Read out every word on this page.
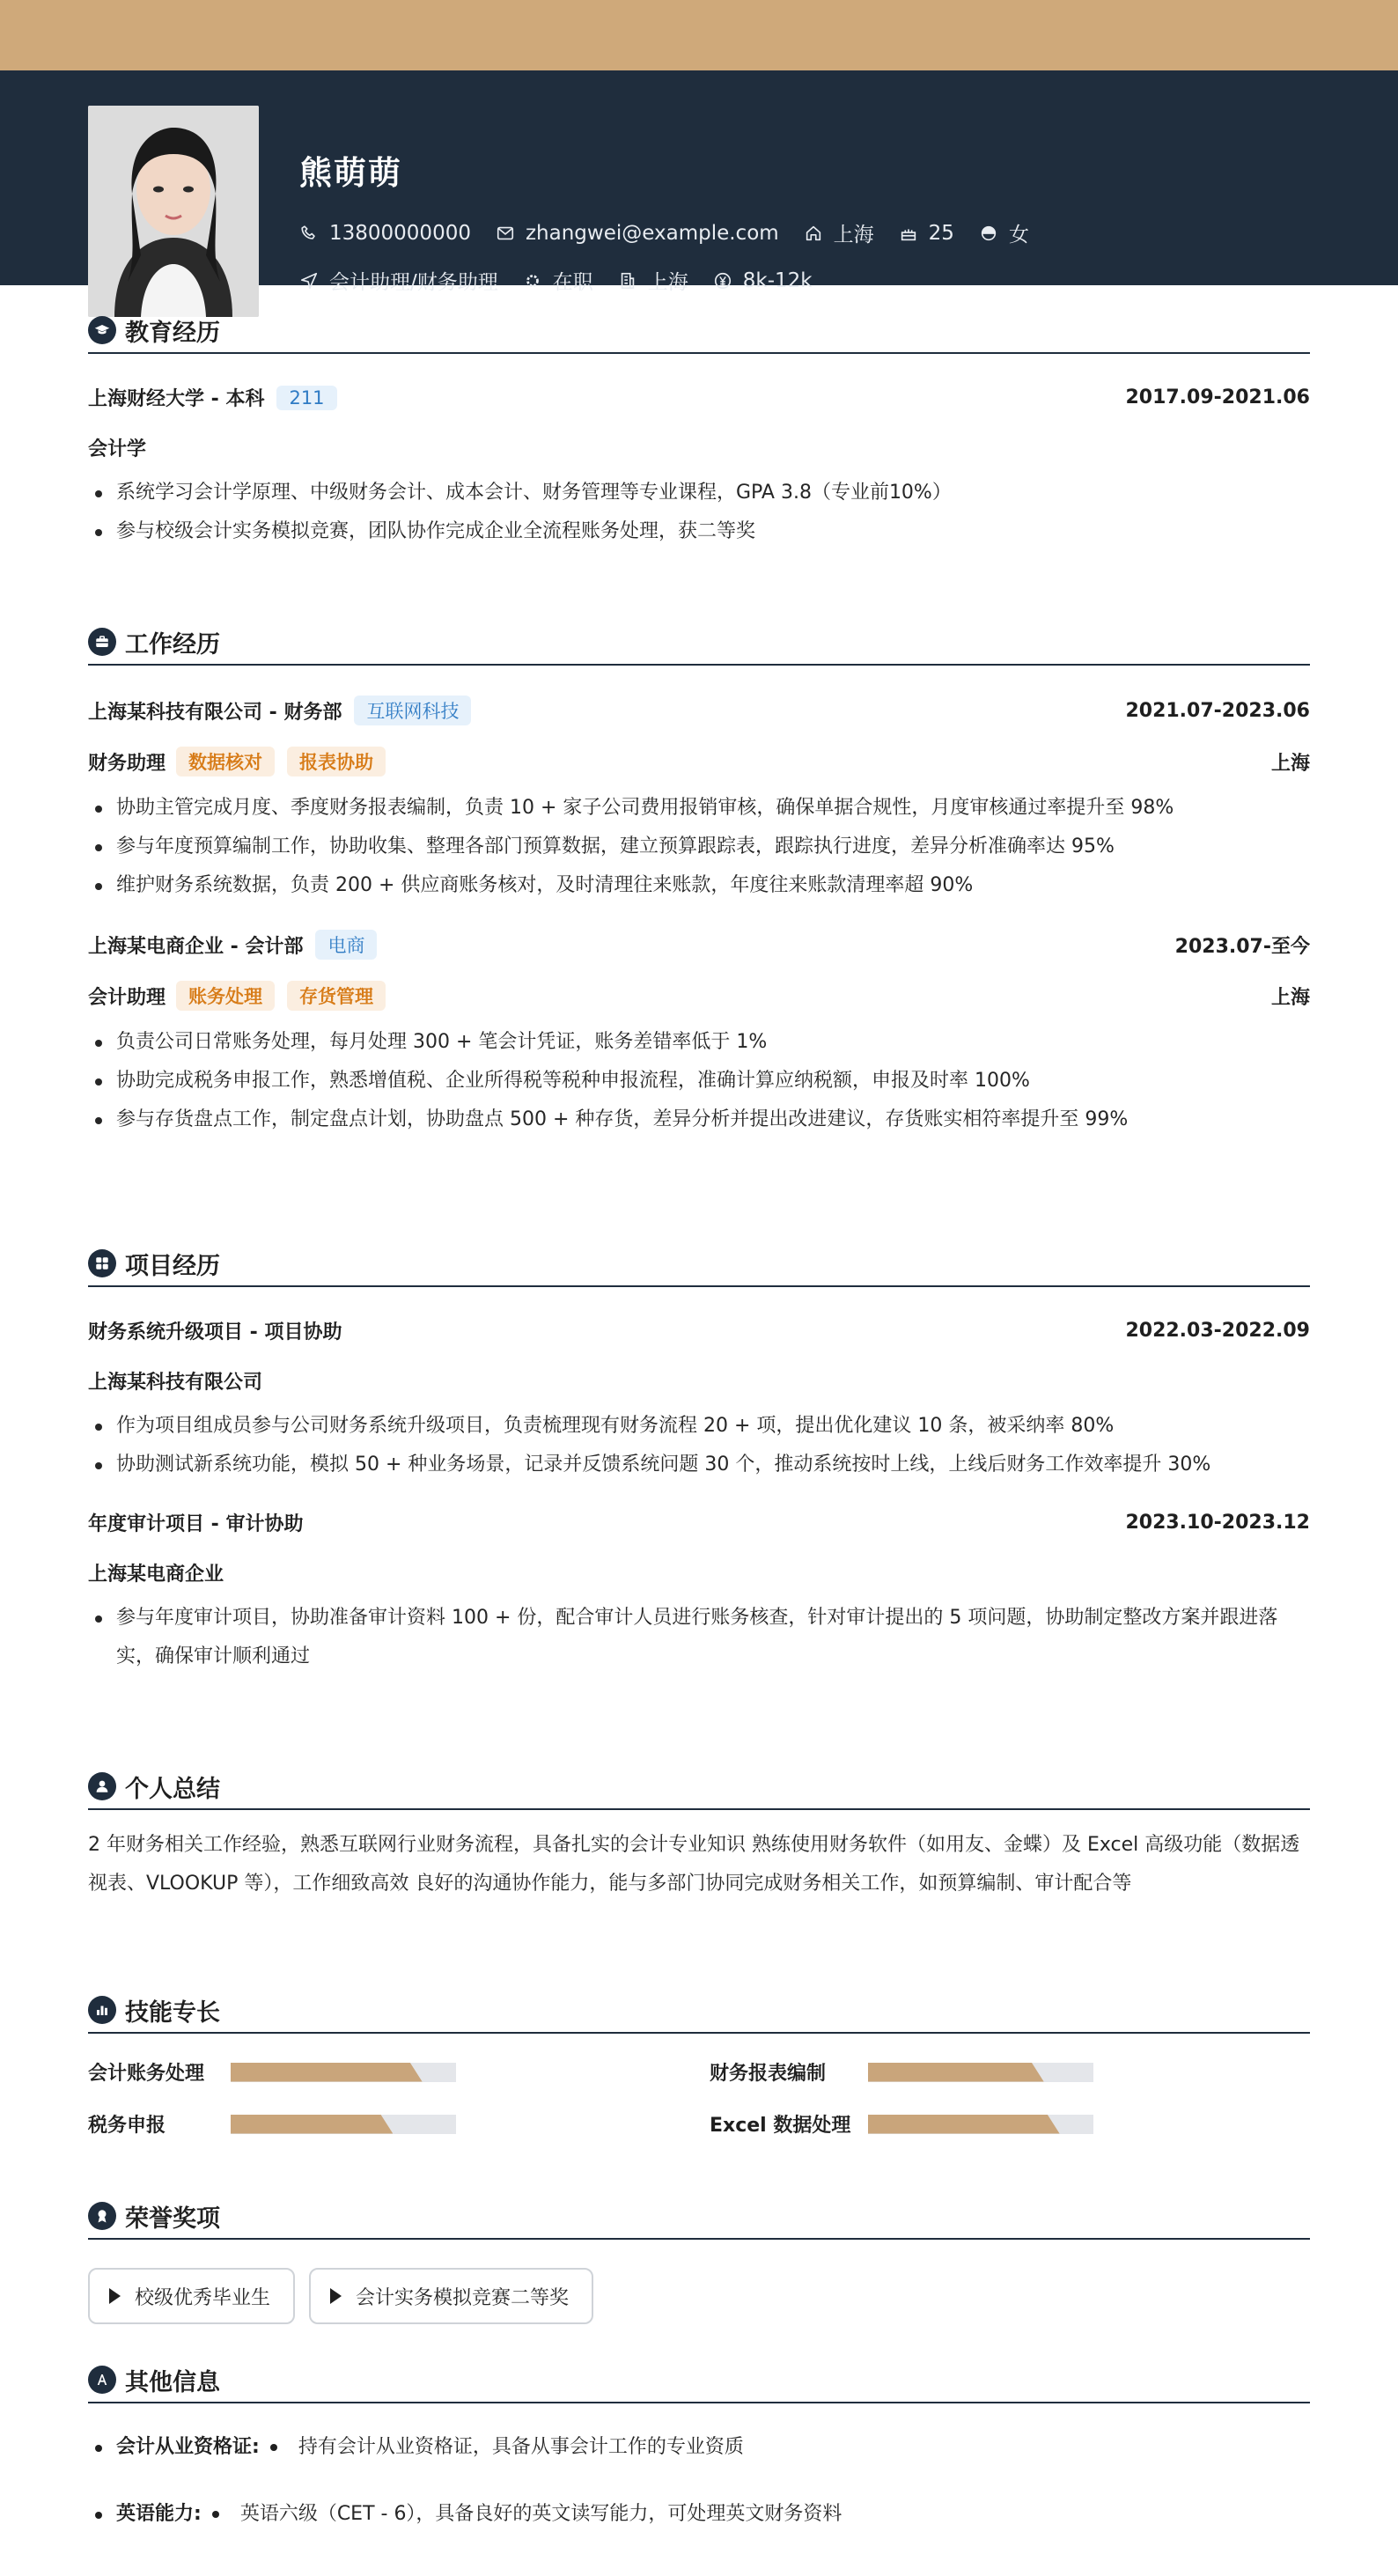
熊萌萌
13800000000	zhangwei@example.com	上海	25	女
会计助理/财务助理	在职	上海	8k-12k
教育经历
上海财经大学 - 本科	211	2017.09-2021.06
会计学
系统学习会计学原理、中级财务会计、成本会计、财务管理等专业课程，GPA 3.8（专业前10%）
参与校级会计实务模拟竞赛，团队协作完成企业全流程账务处理，获二等奖
工作经历
上海某科技有限公司 - 财务部	互联网科技	2021.07-2023.06
财务助理	数据核对	报表协助	上海
协助主管完成月度、季度财务报表编制，负责 10 + 家子公司费用报销审核，确保单据合规性，月度审核通过率提升至 98%
参与年度预算编制工作，协助收集、整理各部门预算数据，建立预算跟踪表，跟踪执行进度，差异分析准确率达 95%
维护财务系统数据，负责 200 + 供应商账务核对，及时清理往来账款，年度往来账款清理率超 90%
上海某电商企业 - 会计部	电商	2023.07-至今
会计助理	账务处理	存货管理	上海
负责公司日常账务处理，每月处理 300 + 笔会计凭证，账务差错率低于 1%
协助完成税务申报工作，熟悉增值税、企业所得税等税种申报流程，准确计算应纳税额，申报及时率 100%
参与存货盘点工作，制定盘点计划，协助盘点 500 + 种存货，差异分析并提出改进建议，存货账实相符率提升至 99%
项目经历
财务系统升级项目 - 项目协助	2022.03-2022.09
上海某科技有限公司
作为项目组成员参与公司财务系统升级项目，负责梳理现有财务流程 20 + 项，提出优化建议 10 条，被采纳率 80%
协助测试新系统功能，模拟 50 + 种业务场景，记录并反馈系统问题 30 个，推动系统按时上线，上线后财务工作效率提升 30%
年度审计项目 - 审计协助	2023.10-2023.12
上海某电商企业
参与年度审计项目，协助准备审计资料 100 + 份，配合审计人员进行账务核查，针对审计提出的 5 项问题，协助制定整改方案并跟进落实，确保审计顺利通过
个人总结
2 年财务相关工作经验，熟悉互联网行业财务流程，具备扎实的会计专业知识 熟练使用财务软件（如用友、金蝶）及 Excel 高级功能（数据透视表、VLOOKUP 等），工作细致高效 良好的沟通协作能力，能与多部门协同完成财务相关工作，如预算编制、审计配合等
技能专长
会计账务处理	财务报表编制
税务申报	Excel 数据处理
荣誉奖项
校级优秀毕业生	会计实务模拟竞赛二等奖
其他信息
会计从业资格证:	持有会计从业资格证，具备从事会计工作的专业资质
英语能力:	英语六级（CET - 6），具备良好的英文读写能力，可处理英文财务资料
